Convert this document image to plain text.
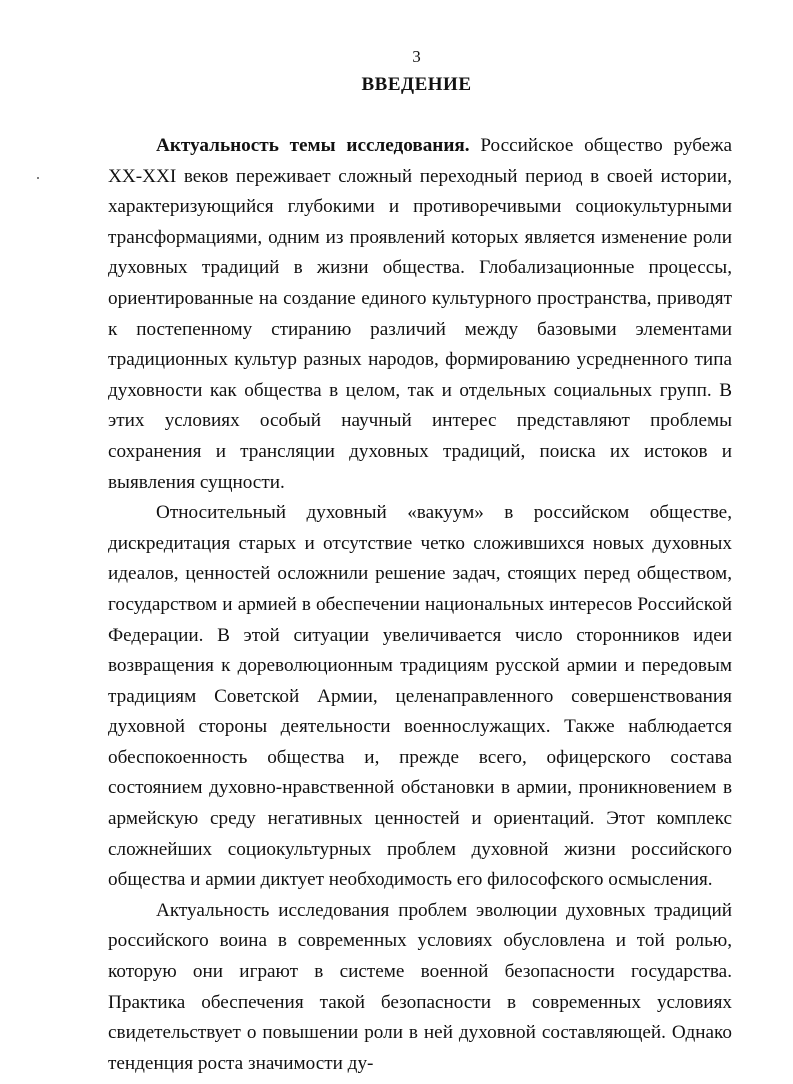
3
ВВЕДЕНИЕ

Актуальность темы исследования. Российское общество рубежа XX-XXI веков переживает сложный переходный период в своей истории, характеризующийся глубокими и противоречивыми социокультурными трансформациями, одним из проявлений которых является изменение роли духовных традиций в жизни общества. Глобализационные процессы, ориентированные на создание единого культурного пространства, приводят к постепенному стиранию различий между базовыми элементами традиционных культур разных народов, формированию усредненного типа духовности как общества в целом, так и отдельных социальных групп. В этих условиях особый научный интерес представляют проблемы сохранения и трансляции духовных традиций, поиска их истоков и выявления сущности.

Относительный духовный «вакуум» в российском обществе, дискредитация старых и отсутствие четко сложившихся новых духовных идеалов, ценностей осложнили решение задач, стоящих перед обществом, государством и армией в обеспечении национальных интересов Российской Федерации. В этой ситуации увеличивается число сторонников идеи возвращения к дореволюционным традициям русской армии и передовым традициям Советской Армии, целенаправленного совершенствования духовной стороны деятельности военнослужащих. Также наблюдается обеспокоенность общества и, прежде всего, офицерского состава состоянием духовно-нравственной обстановки в армии, проникновением в армейскую среду негативных ценностей и ориентаций. Этот комплекс сложнейших социокультурных проблем духовной жизни российского общества и армии диктует необходимость его философского осмысления.

Актуальность исследования проблем эволюции духовных традиций российского воина в современных условиях обусловлена и той ролью, которую они играют в системе военной безопасности государства. Практика обеспечения такой безопасности в современных условиях свидетельствует о повышении роли в ней духовной составляющей. Однако тенденция роста значимости ду-
